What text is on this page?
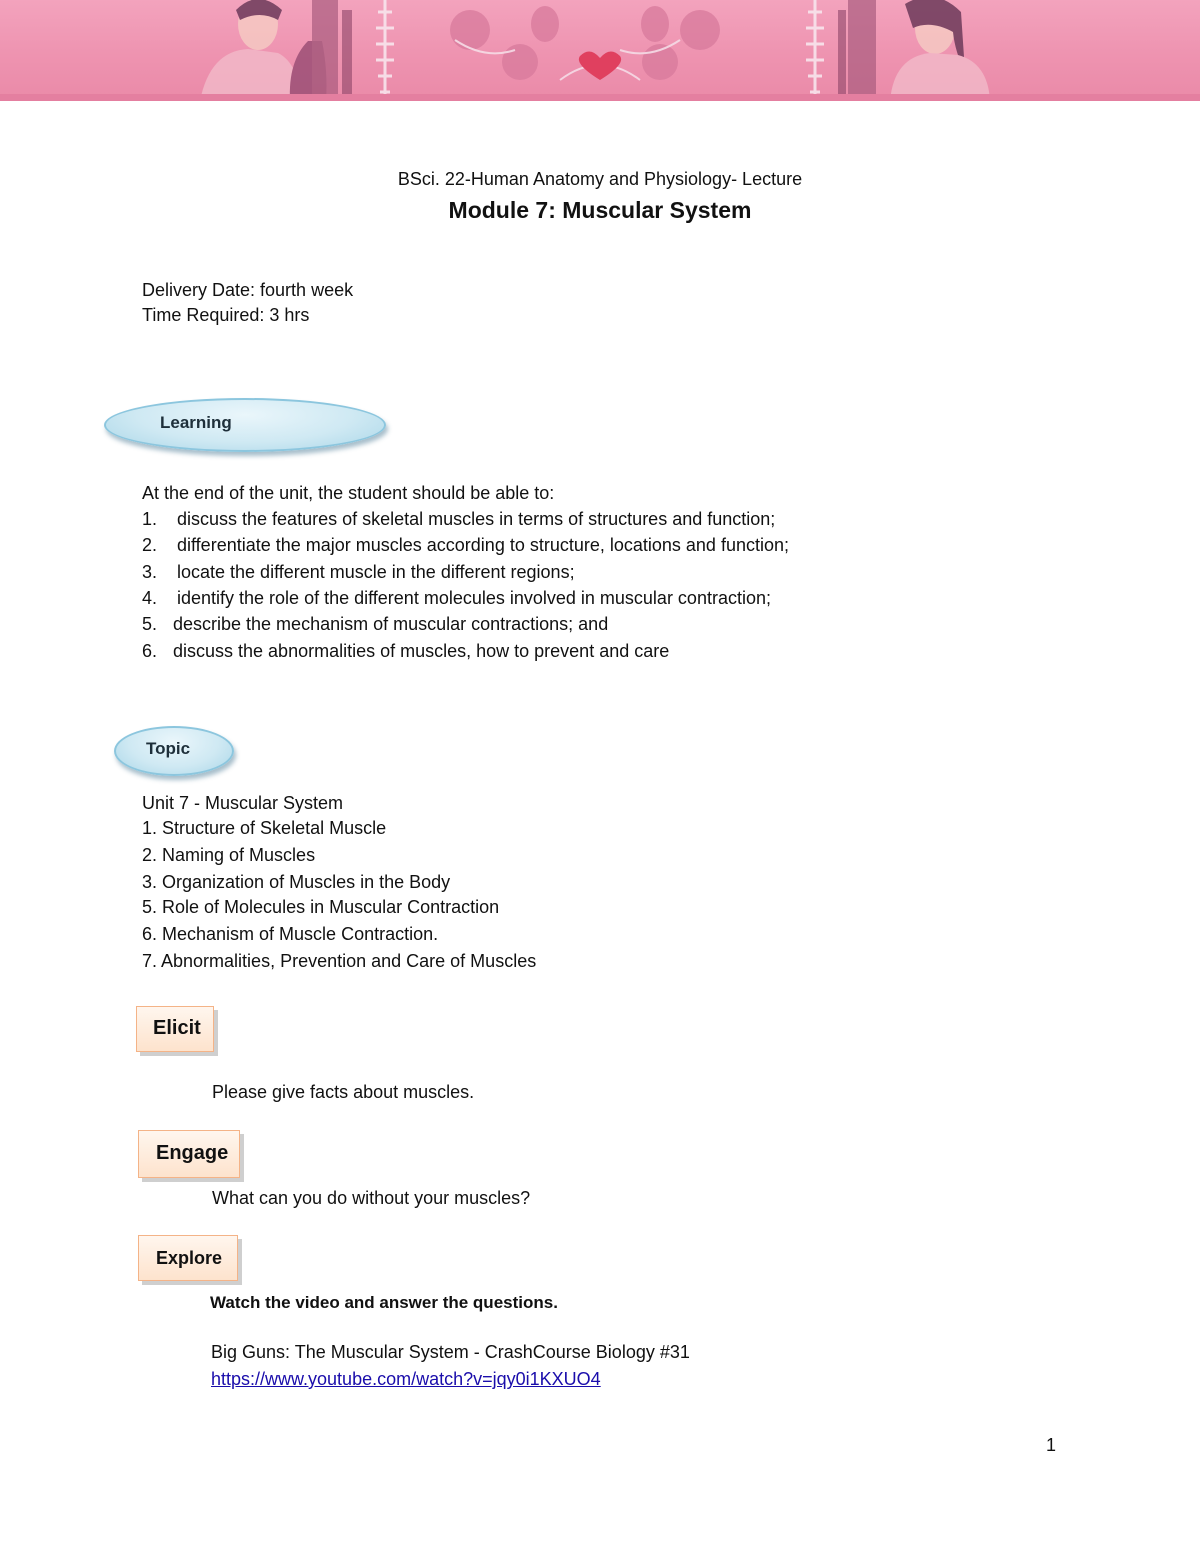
BSci. 22-Human Anatomy and Physiology- Lecture
Module 7: Muscular System
Delivery Date: fourth week
Time Required: 3 hrs
Learning
At the end of the unit, the student should be able to:
1. discuss the features of skeletal muscles in terms of structures and function;
2. differentiate the major muscles according to structure, locations and function;
3. locate the different muscle in the different regions;
4. identify the role of the different molecules involved in muscular contraction;
5. describe the mechanism of muscular contractions; and
6. discuss the abnormalities of muscles, how to prevent and care
Topic
Unit 7 - Muscular System
1. Structure of Skeletal Muscle
2. Naming of Muscles
3. Organization of Muscles in the Body
5. Role of Molecules in Muscular Contraction
6. Mechanism of Muscle Contraction.
7. Abnormalities, Prevention and Care of Muscles
Elicit
Please give facts about muscles.
Engage
What can you do without your muscles?
Explore
Watch the video and answer the questions.
Big Guns: The Muscular System - CrashCourse Biology #31
https://www.youtube.com/watch?v=jqy0i1KXUO4
1
